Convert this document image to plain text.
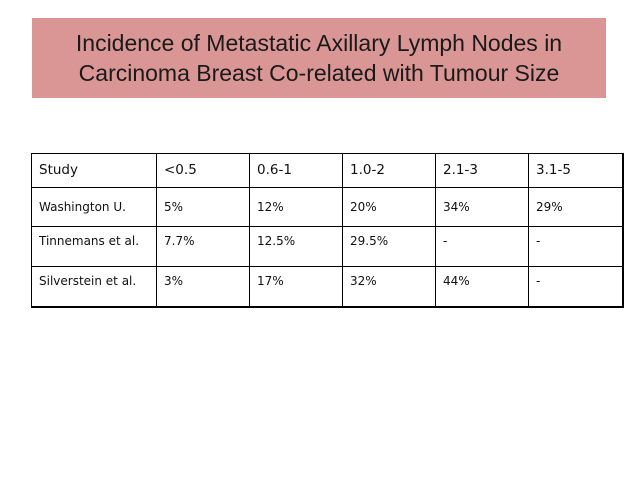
Incidence of Metastatic Axillary Lymph Nodes in
Carcinoma Breast Co-related with Tumour Size
Study	<0.5	0.6-1	1.0-2	2.1-3	3.1-5
Washington U.	5%	12%	20%	34%	29%
Tinnemans et al.	7.7%	12.5%	29.5%	-	-
Silverstein et al.	3%	17%	32%	44%	-
